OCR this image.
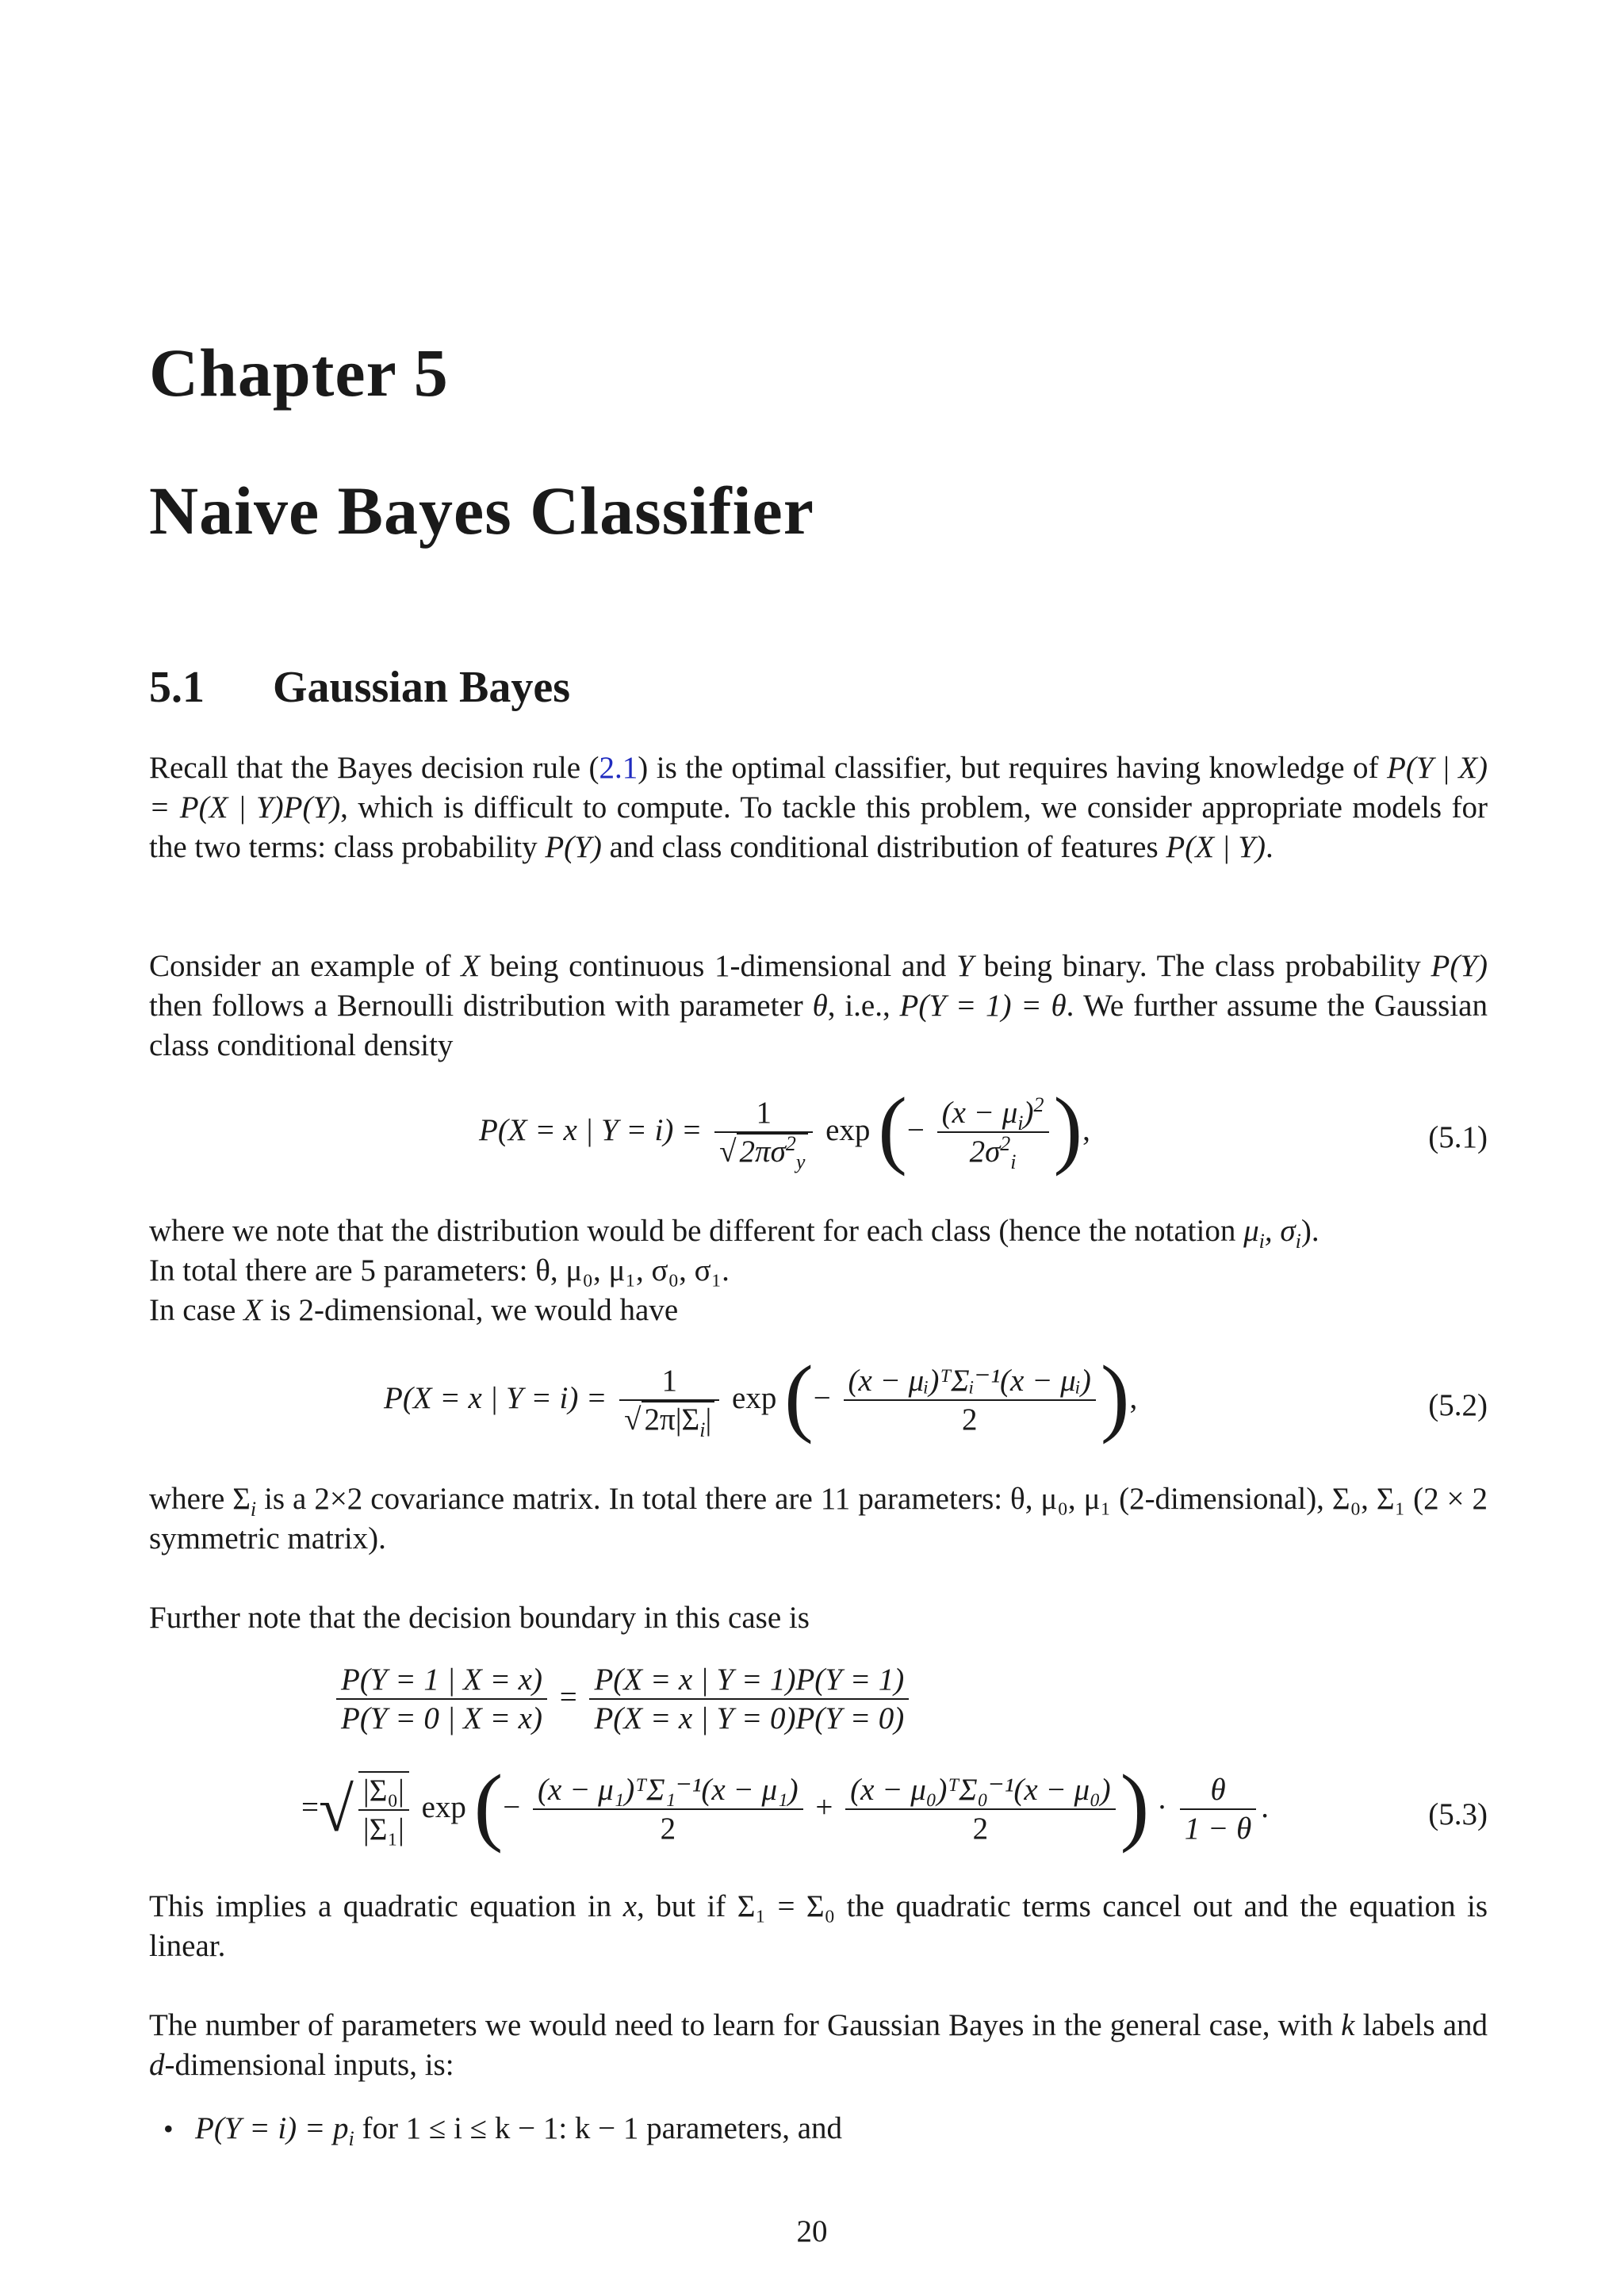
Chapter 5
Naive Bayes Classifier
5.1 Gaussian Bayes
Recall that the Bayes decision rule (2.1) is the optimal classifier, but requires having knowledge of P(Y | X) = P(X | Y)P(Y), which is difficult to compute. To tackle this problem, we consider appropriate models for the two terms: class probability P(Y) and class conditional distribution of features P(X | Y).
Consider an example of X being continuous 1-dimensional and Y being binary. The class probability P(Y) then follows a Bernoulli distribution with parameter θ, i.e., P(Y = 1) = θ. We further assume the Gaussian class conditional density
P(X = x | $Y = i) = \frac{1}{√ 2\pi\sigma^2_y}$ exp (− $\frac{(x - \mu_i)^2}{2\sigma^2_i}$ ),	(5.1)
where we note that the distribution would be different for each class (hence the notation $\mu_i$, $\sigma_i$).
In total there are 5 parameters: θ, μ₀, μ₁, σ₀, σ₁.
In case X is 2-dimensional, we would have
P(X = x | $Y = i) = \frac{1}{√ 2\pi|\Sigma_i|}$ exp (− $\frac{\text{(x − μᵢ)ᵀΣᵢ⁻¹(x − μᵢ)}}{2}$ ),	(5.2)
where $\Sigma_i$ is a 2×2 covariance matrix. In total there are 11 parameters: θ, μ₀, μ₁ (2-dimensional), Σ₀, Σ₁ (2 × 2 symmetric matrix).
Further note that the decision boundary in this case is
$\frac{P(Y = 1 | X = x)}{P(Y = 0 | X = x)} = \frac{P(X = x | Y = 1)P(Y = 1)}{P(X = x | Y = 0)P(Y = 0)}$
=√ $\frac{\text{|Σ₀|}}{\text{|Σ₁|}}$ exp (− $\frac{\text{(x − μ₁)ᵀΣ₁⁻¹(x − μ₁)}}{2} + \frac{\text{(x − μ₀)ᵀΣ₀⁻¹(x − μ₀)}}{2}$ ) · $\frac{\theta}{1 - \theta}$ .	(5.3)
This implies a quadratic equation in x, but if Σ₁ = Σ₀ the quadratic terms cancel out and the equation is linear.
The number of parameters we would need to learn for Gaussian Bayes in the general case, with k labels and d-dimensional inputs, is:
• $P(Y = i) = p_i$ for 1 ≤ i ≤ k − 1: k − 1 parameters, and
20
